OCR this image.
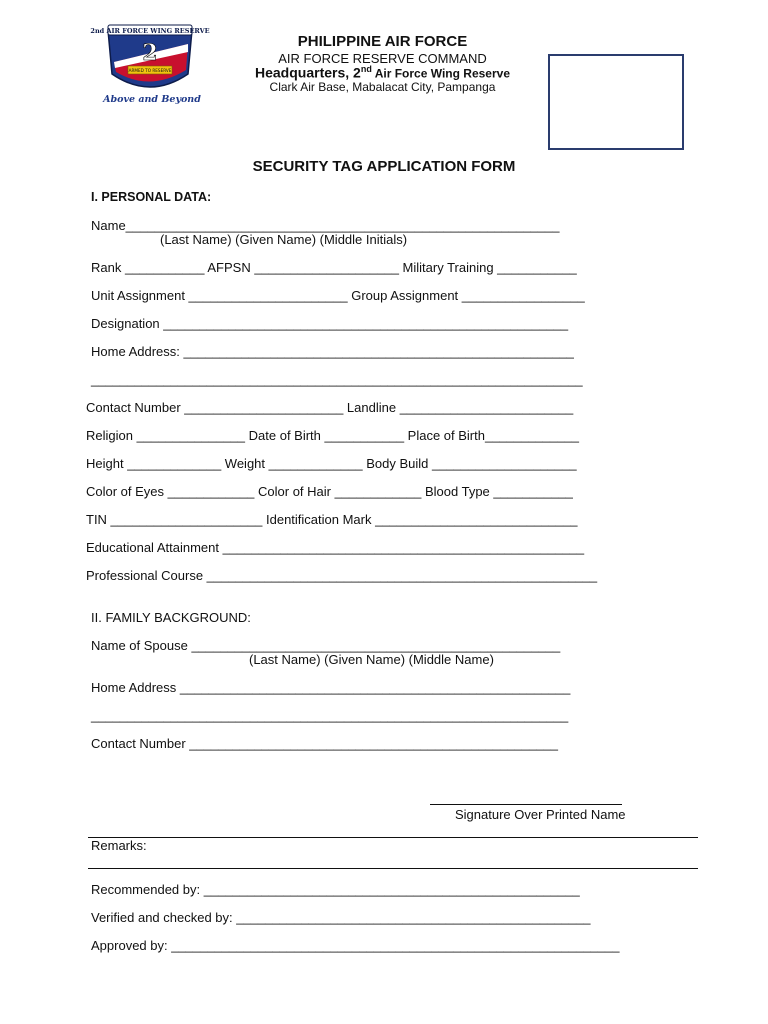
2nd AIR FORCE WING RESERVE
2
ARMED TO RESERVE
Above and Beyond
PHILIPPINE AIR FORCE
AIR FORCE RESERVE COMMAND
Headquarters, 2nd Air Force Wing Reserve
Clark Air Base, Mabalacat City, Pampanga
SECURITY TAG APPLICATION FORM
I. PERSONAL DATA:
Name____________________________________________________________
(Last Name) (Given Name) (Middle Initials)
Rank ___________ AFPSN ____________________ Military Training ___________
Unit Assignment ______________________ Group Assignment _________________
Designation ________________________________________________________
Home Address: ______________________________________________________
____________________________________________________________________
Contact Number ______________________ Landline ________________________
Religion _______________ Date of Birth ___________ Place of Birth_____________
Height _____________ Weight _____________ Body Build ____________________
Color of Eyes ____________ Color of Hair ____________ Blood Type ___________
TIN _____________________ Identification Mark ____________________________
Educational Attainment __________________________________________________
Professional Course ______________________________________________________
II. FAMILY BACKGROUND:
Name of Spouse ___________________________________________________
(Last Name) (Given Name) (Middle Name)
Home Address ______________________________________________________
__________________________________________________________________
Contact Number ___________________________________________________
Signature Over Printed Name
Remarks:
Recommended by: ____________________________________________________
Verified and checked by: _________________________________________________
Approved by: ______________________________________________________________
